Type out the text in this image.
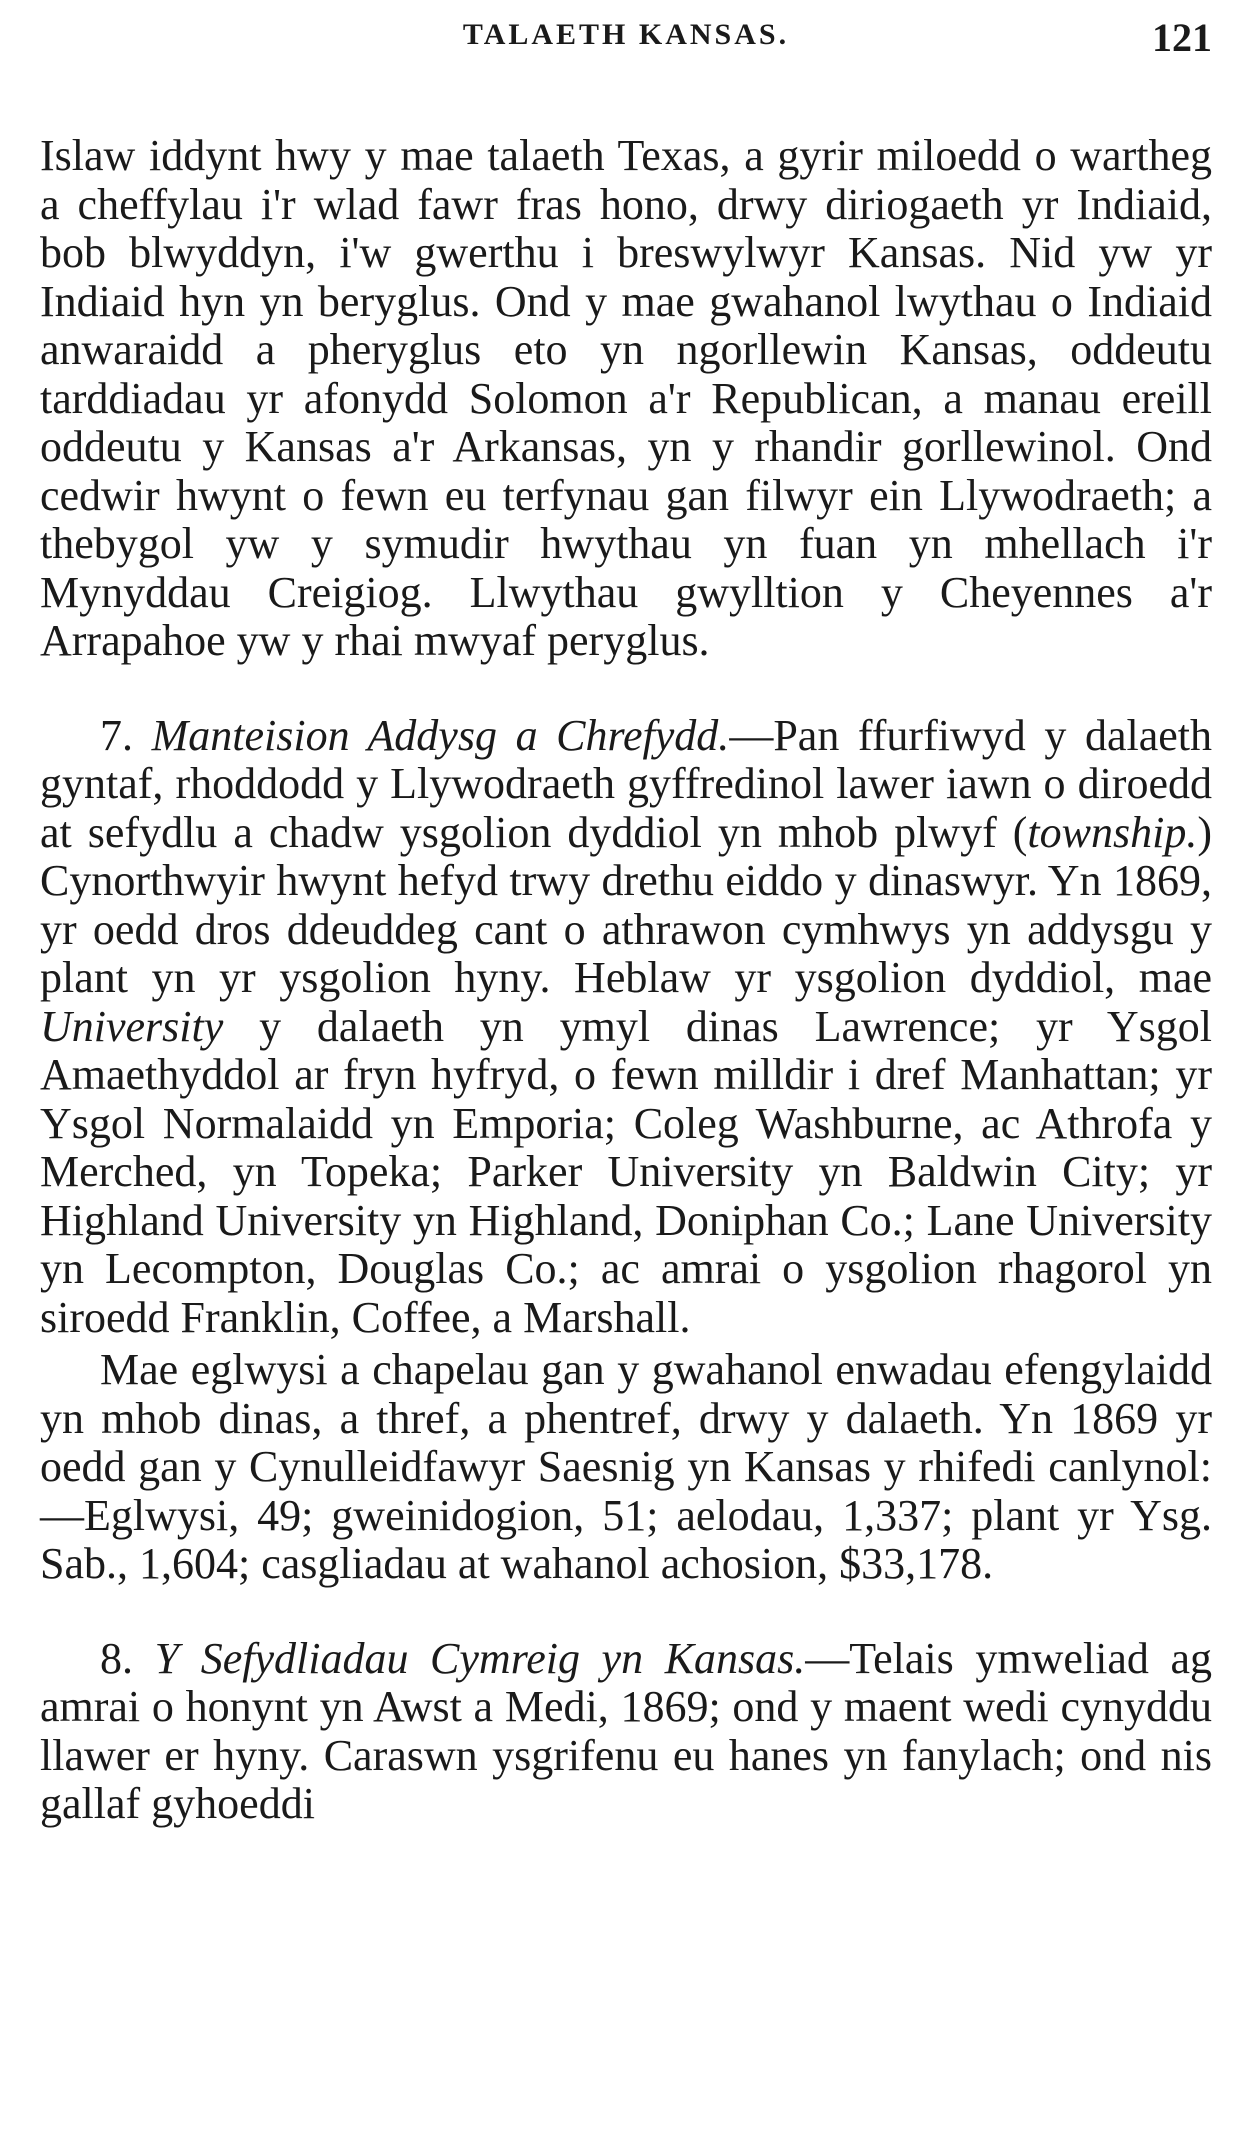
TALAETH KANSAS.	121

Islaw iddynt hwy y mae talaeth Texas, a gyrir miloedd o wartheg a cheffylau i'r wlad fawr fras hono, drwy diriogaeth yr Indiaid, bob blwyddyn, i'w gwerthu i breswylwyr Kansas. Nid yw yr Indiaid hyn yn beryglus. Ond y mae gwahanol lwythau o Indiaid anwaraidd a pheryglus eto yn ngorllewin Kansas, oddeutu tarddiadau yr afonydd Solomon a'r Republican, a manau ereill oddeutu y Kansas a'r Arkansas, yn y rhandir gorllewinol. Ond cedwir hwynt o fewn eu terfynau gan filwyr ein Llywodraeth; a thebygol yw y symudir hwythau yn fuan yn mhellach i'r Mynyddau Creigiog. Llwythau gwylltion y Cheyennes a'r Arrapahoe yw y rhai mwyaf peryglus.

7. Manteision Addysg a Chrefydd.—Pan ffurfiwyd y dalaeth gyntaf, rhoddodd y Llywodraeth gyffredinol lawer iawn o diroedd at sefydlu a chadw ysgolion dyddiol yn mhob plwyf (township.) Cynorthwyir hwynt hefyd trwy drethu eiddo y dinaswyr. Yn 1869, yr oedd dros ddeuddeg cant o athrawon cymhwys yn addysgu y plant yn yr ysgolion hyny. Heblaw yr ysgolion dyddiol, mae University y dalaeth yn ymyl dinas Lawrence; yr Ysgol Amaethyddol ar fryn hyfryd, o fewn milldir i dref Manhattan; yr Ysgol Normalaidd yn Emporia; Coleg Washburne, ac Athrofa y Merched, yn Topeka; Parker University yn Baldwin City; yr Highland University yn Highland, Doniphan Co.; Lane University yn Lecompton, Douglas Co.; ac amrai o ysgolion rhagorol yn siroedd Franklin, Coffee, a Marshall.

Mae eglwysi a chapelau gan y gwahanol enwadau efengylaidd yn mhob dinas, a thref, a phentref, drwy y dalaeth. Yn 1869 yr oedd gan y Cynulleidfawyr Saesnig yn Kansas y rhifedi canlynol:—Eglwysi, 49; gweinidogion, 51; aelodau, 1,337; plant yr Ysg. Sab., 1,604; casgliadau at wahanol achosion, $33,178.

8. Y Sefydliadau Cymreig yn Kansas.—Telais ymweliad ag amrai o honynt yn Awst a Medi, 1869; ond y maent wedi cynyddu llawer er hyny. Caraswn ysgrifenu eu hanes yn fanylach; ond nis gallaf gyhoeddi
